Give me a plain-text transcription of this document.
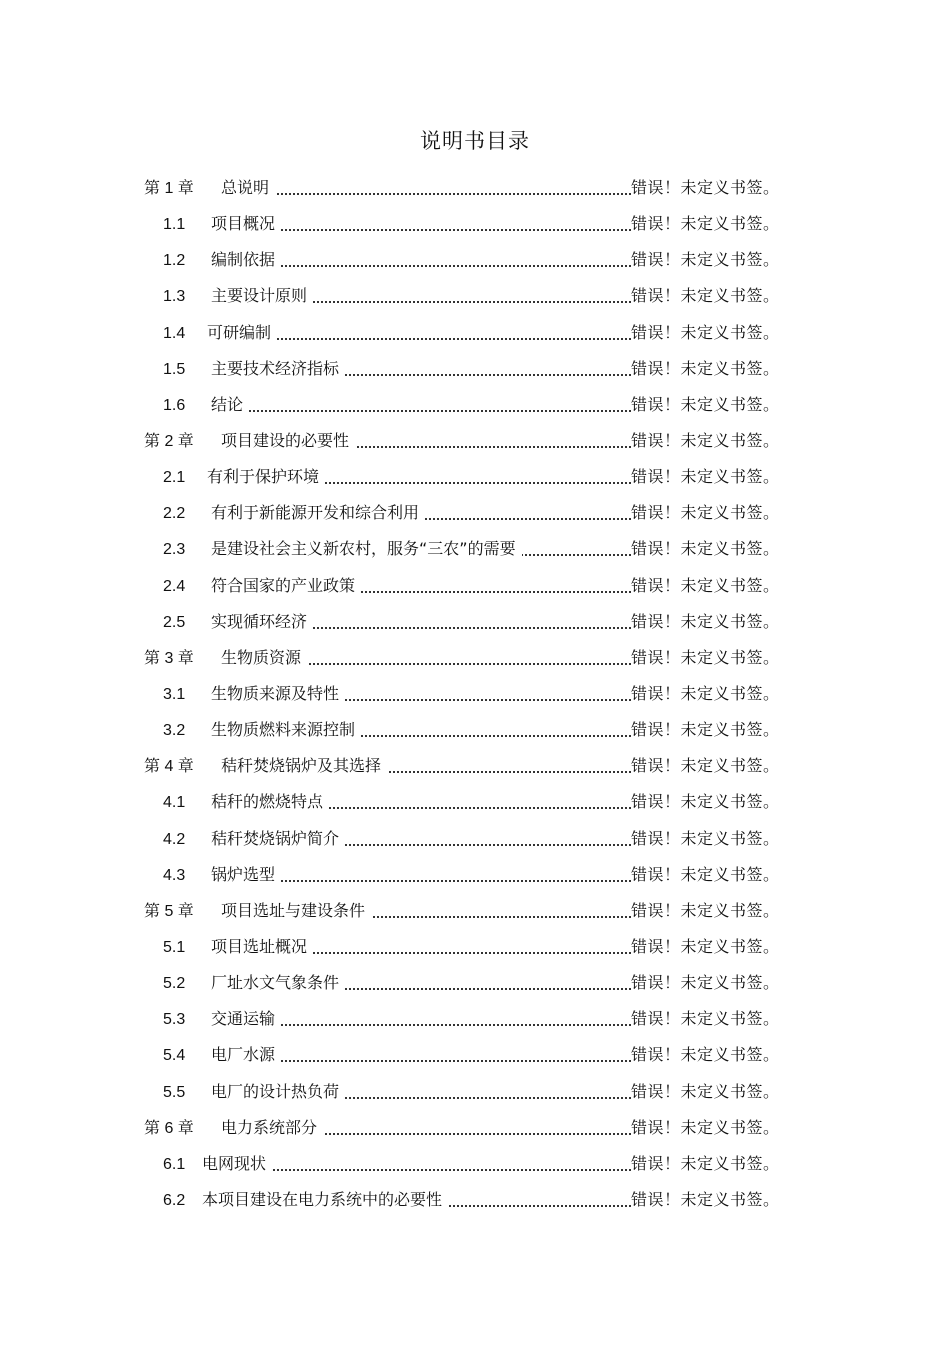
说明书目录
第 1 章 总说明	错误！未定义书签。
1.1 项目概况	错误！未定义书签。
1.2 编制依据	错误！未定义书签。
1.3 主要设计原则	错误！未定义书签。
1.4 可研编制	错误！未定义书签。
1.5 主要技术经济指标	错误！未定义书签。
1.6 结论	错误！未定义书签。
第 2 章 项目建设的必要性	错误！未定义书签。
2.1 有利于保护环境	错误！未定义书签。
2.2 有利于新能源开发和综合利用	错误！未定义书签。
2.3 是建设社会主义新农村，服务“三农”的需要	错误！未定义书签。
2.4 符合国家的产业政策	错误！未定义书签。
2.5 实现循环经济	错误！未定义书签。
第 3 章 生物质资源	错误！未定义书签。
3.1 生物质来源及特性	错误！未定义书签。
3.2 生物质燃料来源控制	错误！未定义书签。
第 4 章 秸秆焚烧锅炉及其选择	错误！未定义书签。
4.1 秸秆的燃烧特点	错误！未定义书签。
4.2 秸秆焚烧锅炉简介	错误！未定义书签。
4.3 锅炉选型	错误！未定义书签。
第 5 章 项目选址与建设条件	错误！未定义书签。
5.1 项目选址概况	错误！未定义书签。
5.2 厂址水文气象条件	错误！未定义书签。
5.3 交通运输	错误！未定义书签。
5.4 电厂水源	错误！未定义书签。
5.5 电厂的设计热负荷	错误！未定义书签。
第 6 章 电力系统部分	错误！未定义书签。
6.1 电网现状	错误！未定义书签。
6.2 本项目建设在电力系统中的必要性	错误！未定义书签。
